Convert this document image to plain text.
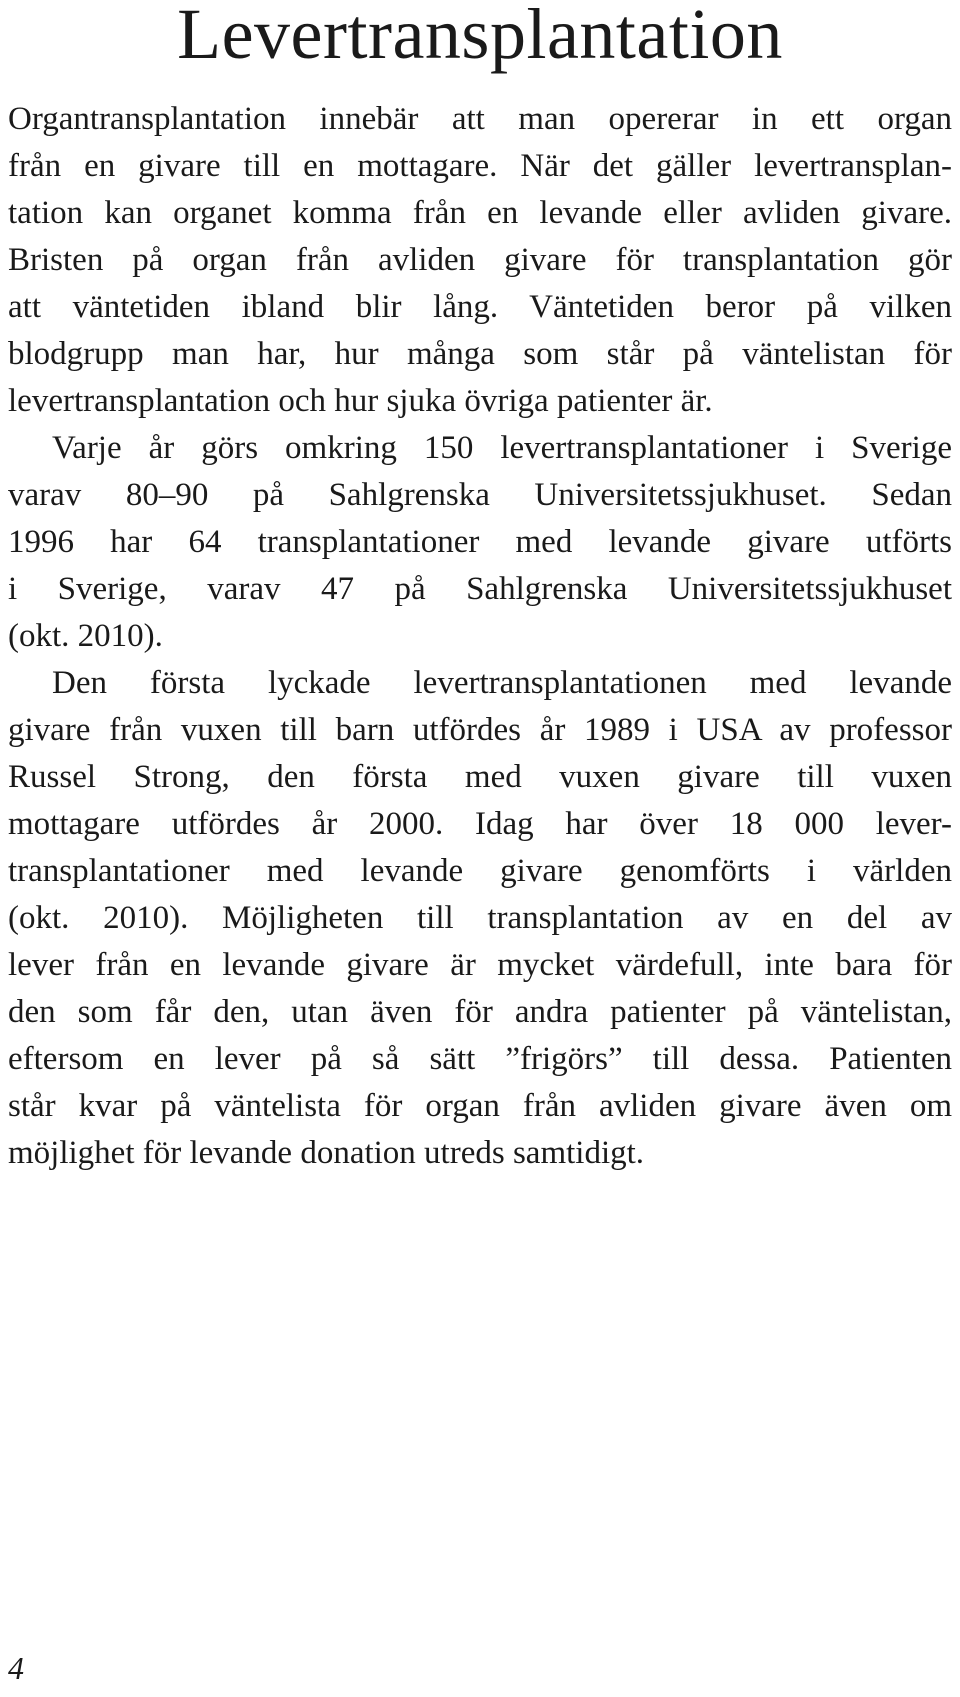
Levertransplantation
Organtransplantation innebär att man opererar in ett organ
från en givare till en mottagare. När det gäller levertransplan-
tation kan organet komma från en levande eller avliden givare.
Bristen på organ från avliden givare för transplantation gör
att väntetiden ibland blir lång. Väntetiden beror på vilken
blodgrupp man har, hur många som står på väntelistan för
levertransplantation och hur sjuka övriga patienter är.
Varje år görs omkring 150 levertransplantationer i Sverige
varav 80–90 på Sahlgrenska Universitetssjukhuset. Sedan
1996 har 64 transplantationer med levande givare utförts
i Sverige, varav 47 på Sahlgrenska Universitetssjukhuset
(okt. 2010).
Den första lyckade levertransplantationen med levande
givare från vuxen till barn utfördes år 1989 i USA av professor
Russel Strong, den första med vuxen givare till vuxen
mottagare utfördes år 2000. Idag har över 18 000 lever-
transplantationer med levande givare genomförts i världen
(okt. 2010). Möjligheten till transplantation av en del av
lever från en levande givare är mycket värdefull, inte bara för
den som får den, utan även för andra patienter på väntelistan,
eftersom en lever på så sätt ”frigörs” till dessa. Patienten
står kvar på väntelista för organ från avliden givare även om
möjlighet för levande donation utreds samtidigt.
4
